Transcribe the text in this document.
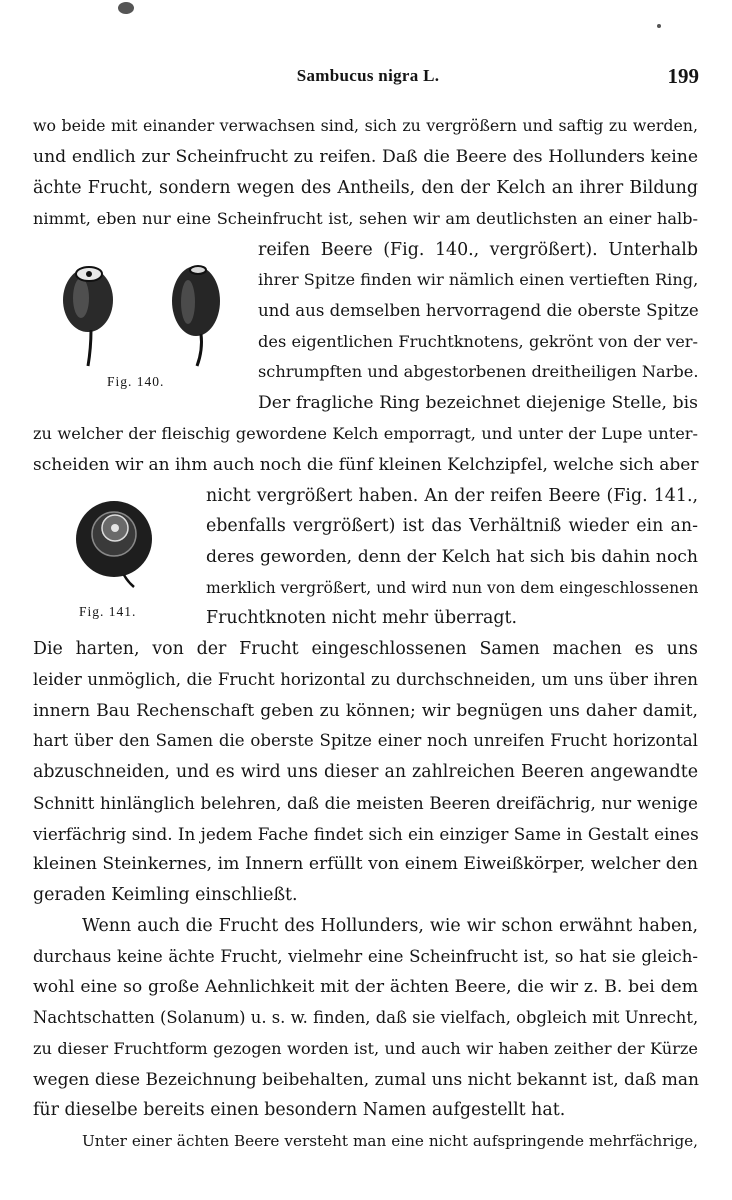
Sambucus nigra L.	199
Fig. 140.
Fig. 141.
wo beide mit einander verwachsen sind, sich zu vergrößern und saftig zu werden,
und endlich zur Scheinfrucht zu reifen. Daß die Beere des Hollunders keine
ächte Frucht, sondern wegen des Antheils, den der Kelch an ihrer Bildung
nimmt, eben nur eine Scheinfrucht ist, sehen wir am deutlichsten an einer halb-
reifen Beere (Fig. 140., vergrößert). Unterhalb
ihrer Spitze finden wir nämlich einen vertieften Ring,
und aus demselben hervorragend die oberste Spitze
des eigentlichen Fruchtknotens, gekrönt von der ver-
schrumpften und abgestorbenen dreitheiligen Narbe.
Der fragliche Ring bezeichnet diejenige Stelle, bis
zu welcher der fleischig gewordene Kelch emporragt, und unter der Lupe unter-
scheiden wir an ihm auch noch die fünf kleinen Kelchzipfel, welche sich aber
nicht vergrößert haben. An der reifen Beere (Fig. 141.,
ebenfalls vergrößert) ist das Verhältniß wieder ein an-
deres geworden, denn der Kelch hat sich bis dahin noch
merklich vergrößert, und wird nun von dem eingeschlossenen
Fruchtknoten nicht mehr überragt.
Die harten, von der Frucht eingeschlossenen Samen machen es uns
leider unmöglich, die Frucht horizontal zu durchschneiden, um uns über ihren
innern Bau Rechenschaft geben zu können; wir begnügen uns daher damit,
hart über den Samen die oberste Spitze einer noch unreifen Frucht horizontal
abzuschneiden, und es wird uns dieser an zahlreichen Beeren angewandte
Schnitt hinlänglich belehren, daß die meisten Beeren dreifächrig, nur wenige
vierfächrig sind. In jedem Fache findet sich ein einziger Same in Gestalt eines
kleinen Steinkernes, im Innern erfüllt von einem Eiweißkörper, welcher den
geraden Keimling einschließt.
Wenn auch die Frucht des Hollunders, wie wir schon erwähnt haben,
durchaus keine ächte Frucht, vielmehr eine Scheinfrucht ist, so hat sie gleich-
wohl eine so große Aehnlichkeit mit der ächten Beere, die wir z. B. bei dem
Nachtschatten (Solanum) u. s. w. finden, daß sie vielfach, obgleich mit Unrecht,
zu dieser Fruchtform gezogen worden ist, und auch wir haben zeither der Kürze
wegen diese Bezeichnung beibehalten, zumal uns nicht bekannt ist, daß man
für dieselbe bereits einen besondern Namen aufgestellt hat.
Unter einer ächten Beere versteht man eine nicht aufspringende mehrfächrige,
